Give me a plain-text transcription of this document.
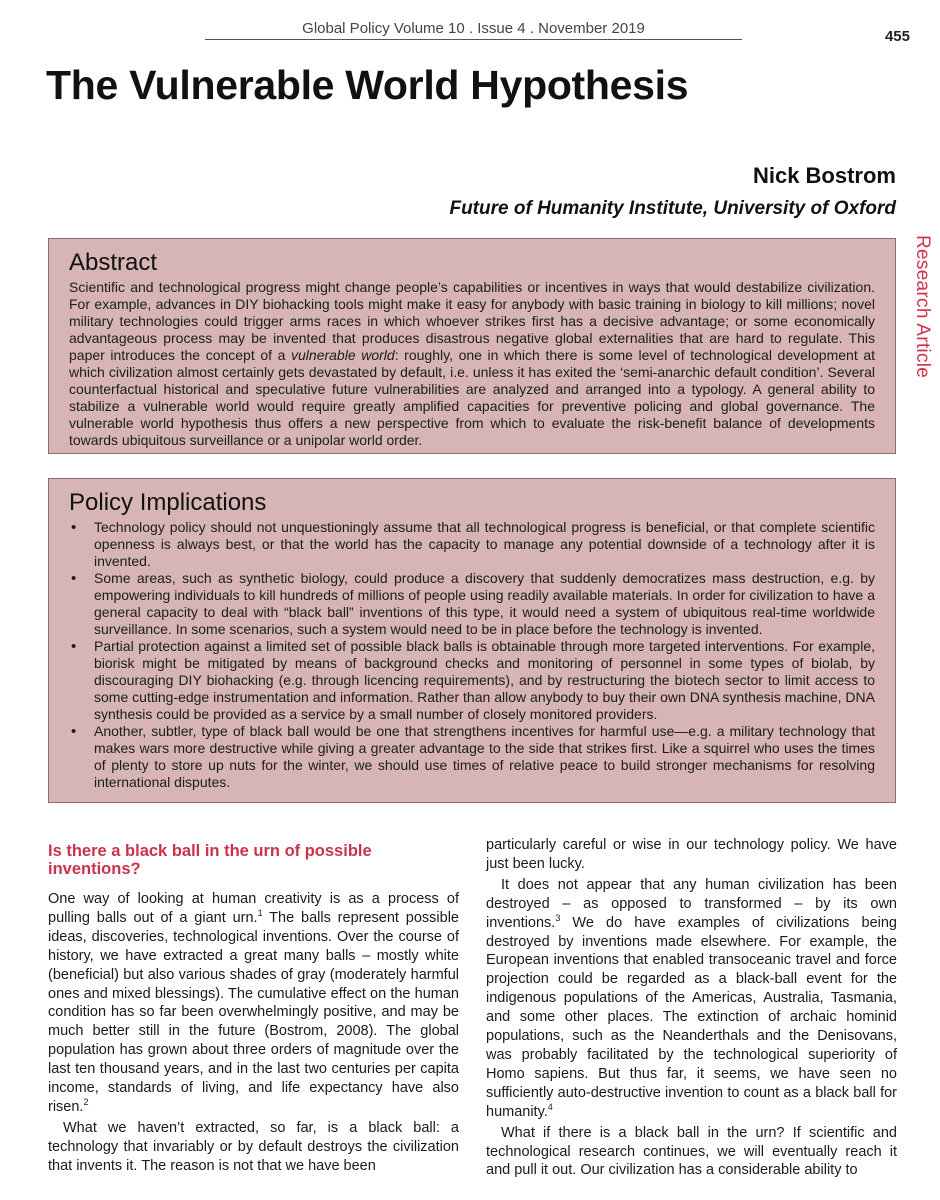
Global Policy Volume 10 . Issue 4 . November 2019	455
The Vulnerable World Hypothesis
Nick Bostrom
Future of Humanity Institute, University of Oxford
Research Article
Abstract

Scientific and technological progress might change people’s capabilities or incentives in ways that would destabilize civilization. For example, advances in DIY biohacking tools might make it easy for anybody with basic training in biology to kill millions; novel military technologies could trigger arms races in which whoever strikes first has a decisive advantage; or some economically advantageous process may be invented that produces disastrous negative global externalities that are hard to regulate. This paper introduces the concept of a vulnerable world: roughly, one in which there is some level of technological development at which civilization almost certainly gets devastated by default, i.e. unless it has exited the ‘semi-anarchic default condition’. Several counterfactual historical and speculative future vulnerabilities are analyzed and arranged into a typology. A general ability to stabilize a vulnerable world would require greatly amplified capacities for preventive policing and global governance. The vulnerable world hypothesis thus offers a new perspective from which to evaluate the risk-benefit balance of developments towards ubiquitous surveillance or a unipolar world order.

Policy Implications
• Technology policy should not unquestioningly assume that all technological progress is beneficial, or that complete scientific openness is always best, or that the world has the capacity to manage any potential downside of a technology after it is invented.
• Some areas, such as synthetic biology, could produce a discovery that suddenly democratizes mass destruction, e.g. by empowering individuals to kill hundreds of millions of people using readily available materials. In order for civilization to have a general capacity to deal with “black ball” inventions of this type, it would need a system of ubiquitous real-time worldwide surveillance. In some scenarios, such a system would need to be in place before the technology is invented.
• Partial protection against a limited set of possible black balls is obtainable through more targeted interventions. For example, biorisk might be mitigated by means of background checks and monitoring of personnel in some types of biolab, by discouraging DIY biohacking (e.g. through licencing requirements), and by restructuring the biotech sector to limit access to some cutting-edge instrumentation and information. Rather than allow anybody to buy their own DNA synthesis machine, DNA synthesis could be provided as a service by a small number of closely monitored providers.
• Another, subtler, type of black ball would be one that strengthens incentives for harmful use—e.g. a military technology that makes wars more destructive while giving a greater advantage to the side that strikes first. Like a squirrel who uses the times of plenty to store up nuts for the winter, we should use times of relative peace to build stronger mechanisms for resolving international disputes.
Is there a black ball in the urn of possible inventions?

One way of looking at human creativity is as a process of pulling balls out of a giant urn.$^1$ The balls represent possible ideas, discoveries, technological inventions. Over the course of history, we have extracted a great many balls – mostly white (beneficial) but also various shades of gray (moderately harmful ones and mixed blessings). The cumulative effect on the human condition has so far been overwhelmingly positive, and may be much better still in the future (Bostrom, 2008). The global population has grown about three orders of magnitude over the last ten thousand years, and in the last two centuries per capita income, standards of living, and life expectancy have also risen.$^2$

What we haven’t extracted, so far, is a black ball: a technology that invariably or by default destroys the civilization that invents it. The reason is not that we have been

particularly careful or wise in our technology policy. We have just been lucky.

It does not appear that any human civilization has been destroyed – as opposed to transformed – by its own inventions.$^3$ We do have examples of civilizations being destroyed by inventions made elsewhere. For example, the European inventions that enabled transoceanic travel and force projection could be regarded as a black-ball event for the indigenous populations of the Americas, Australia, Tasmania, and some other places. The extinction of archaic hominid populations, such as the Neanderthals and the Denisovans, was probably facilitated by the technological superiority of Homo sapiens. But thus far, it seems, we have seen no sufficiently auto-destructive invention to count as a black ball for humanity.$^4$

What if there is a black ball in the urn? If scientific and technological research continues, we will eventually reach it and pull it out. Our civilization has a considerable ability to
